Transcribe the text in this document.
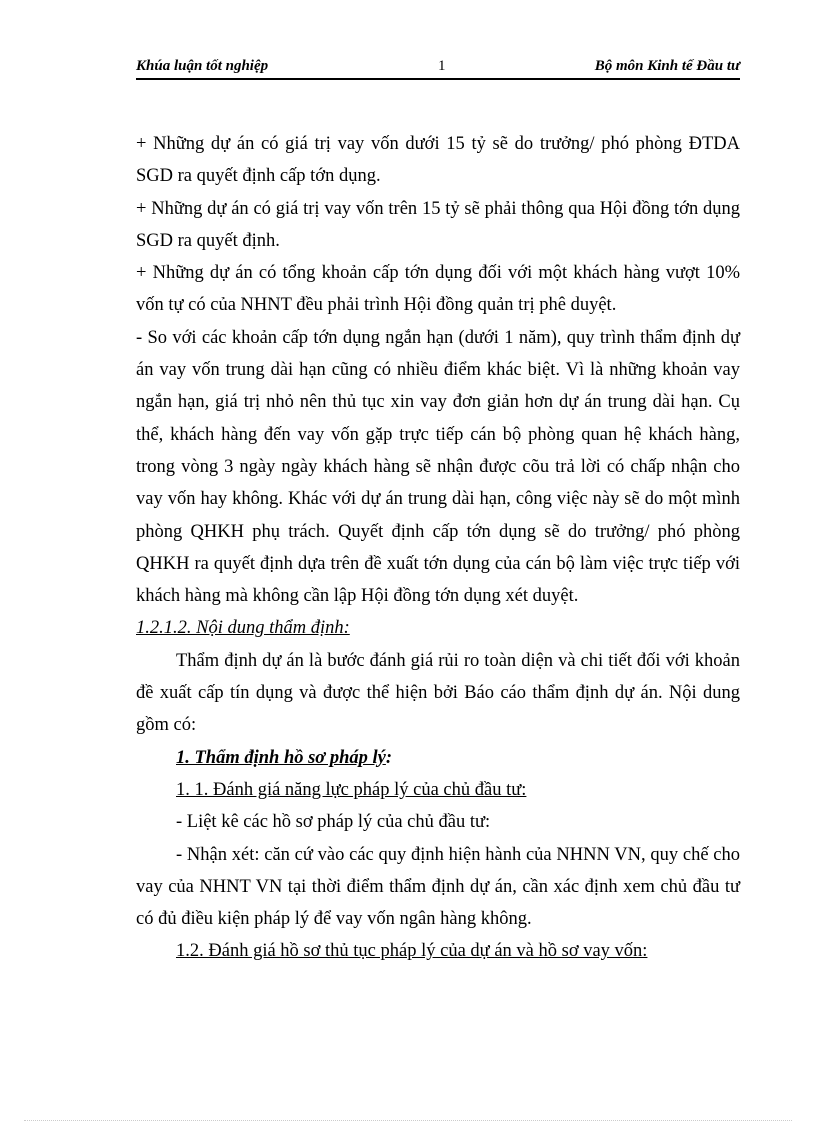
Khúa luận tốt nghiệp	1	Bộ môn Kinh tế Đầu tư

+ Những dự án có giá trị vay vốn dưới 15 tỷ sẽ do trưởng/ phó phòng ĐTDA SGD ra quyết định cấp tớn dụng.

+ Những dự án có giá trị vay vốn trên 15 tỷ sẽ phải thông qua Hội đồng tớn dụng SGD ra quyết định.

+ Những dự án có tổng khoản cấp tớn dụng đối với một khách hàng vượt 10% vốn tự có của NHNT đều phải trình Hội đồng quản trị phê duyệt.

- So với các khoản cấp tớn dụng ngắn hạn (dưới 1 năm), quy trình thẩm định dự án vay vốn trung dài hạn cũng có nhiều điểm khác biệt. Vì là những khoản vay ngắn hạn, giá trị nhỏ nên thủ tục xin vay đơn giản hơn dự án trung dài hạn. Cụ thể, khách hàng đến vay vốn gặp trực tiếp cán bộ phòng quan hệ khách hàng, trong vòng 3 ngày ngày khách hàng sẽ nhận được cõu trả lời có chấp nhận cho vay vốn hay không. Khác với dự án trung dài hạn, công việc này sẽ do một mình phòng QHKH phụ trách. Quyết định cấp tớn dụng sẽ do trưởng/ phó phòng QHKH ra quyết định dựa trên đề xuất tớn dụng của cán bộ làm việc trực tiếp với khách hàng mà không cần lập Hội đồng tớn dụng xét duyệt.

1.2.1.2. Nội dung thẩm định:

Thẩm định dự án là bước đánh giá rủi ro toàn diện và chi tiết đối với khoản đề xuất cấp tín dụng và được thể hiện bởi Báo cáo thẩm định dự án. Nội dung gồm có:

1. Thẩm định hồ sơ pháp lý:

1. 1. Đánh giá năng lực pháp lý của chủ đầu tư:

- Liệt kê các hồ sơ pháp lý của chủ đầu tư:

- Nhận xét: căn cứ vào các quy định hiện hành của NHNN VN, quy chế cho vay của NHNT VN tại thời điểm thẩm định dự án, cần xác định xem chủ đầu tư có đủ điều kiện pháp lý để vay vốn ngân hàng không.

1.2. Đánh giá hồ sơ thủ tục pháp lý của dự án và hồ sơ vay vốn:
